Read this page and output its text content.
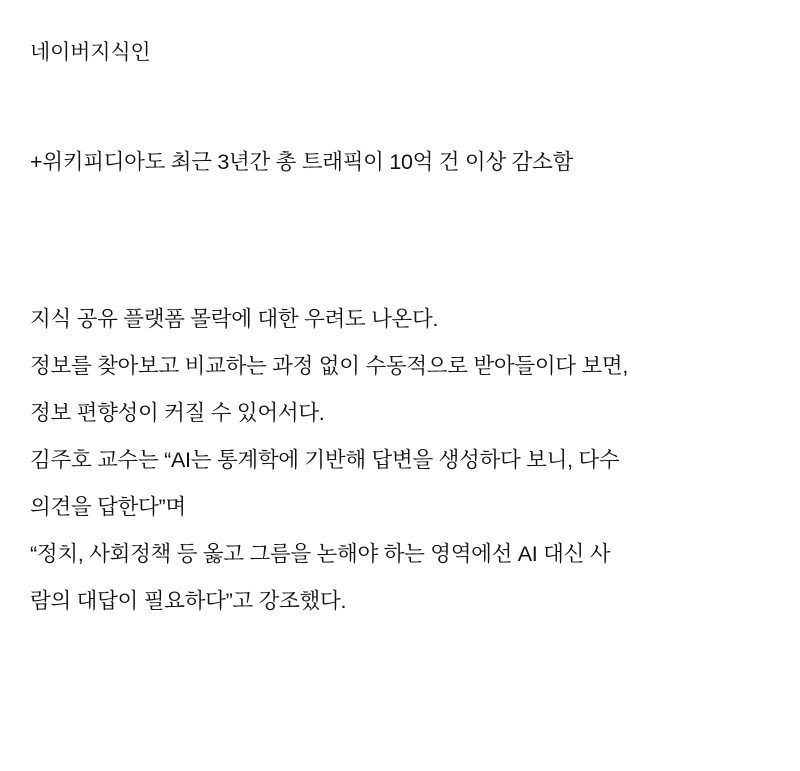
네이버지식인

+위키피디아도 최근 3년간 총 트래픽이 10억 건 이상 감소함

지식 공유 플랫폼 몰락에 대한 우려도 나온다.

정보를 찾아보고 비교하는 과정 없이 수동적으로 받아들이다 보면,

정보 편향성이 커질 수 있어서다.

김주호 교수는 “AI는 통계학에 기반해 답변을 생성하다 보니, 다수

의견을 답한다”며

“정치, 사회정책 등 옳고 그름을 논해야 하는 영역에선 AI 대신 사

람의 대답이 필요하다”고 강조했다.
